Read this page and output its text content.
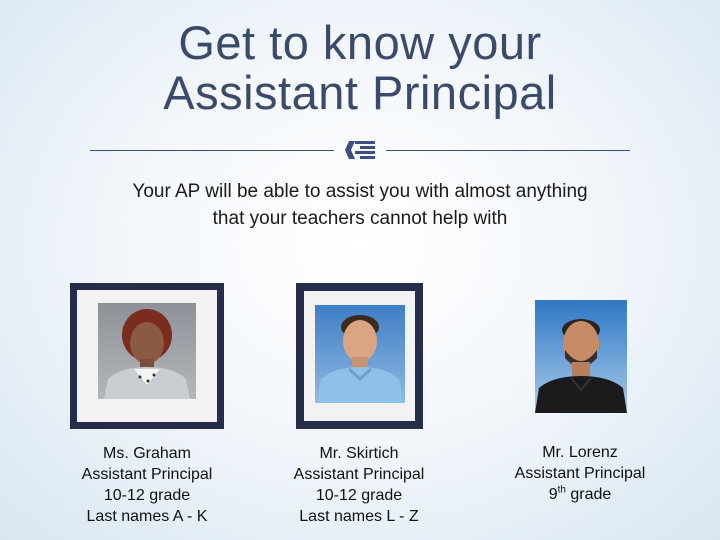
Get to know your
Assistant Principal
Your AP will be able to assist you with almost anything
that your teachers cannot help with
Ms. Graham
Assistant Principal
10-12 grade
Last names A - K
Mr. Skirtich
Assistant Principal
10-12 grade
Last names L - Z
Mr. Lorenz
Assistant Principal
9th grade
